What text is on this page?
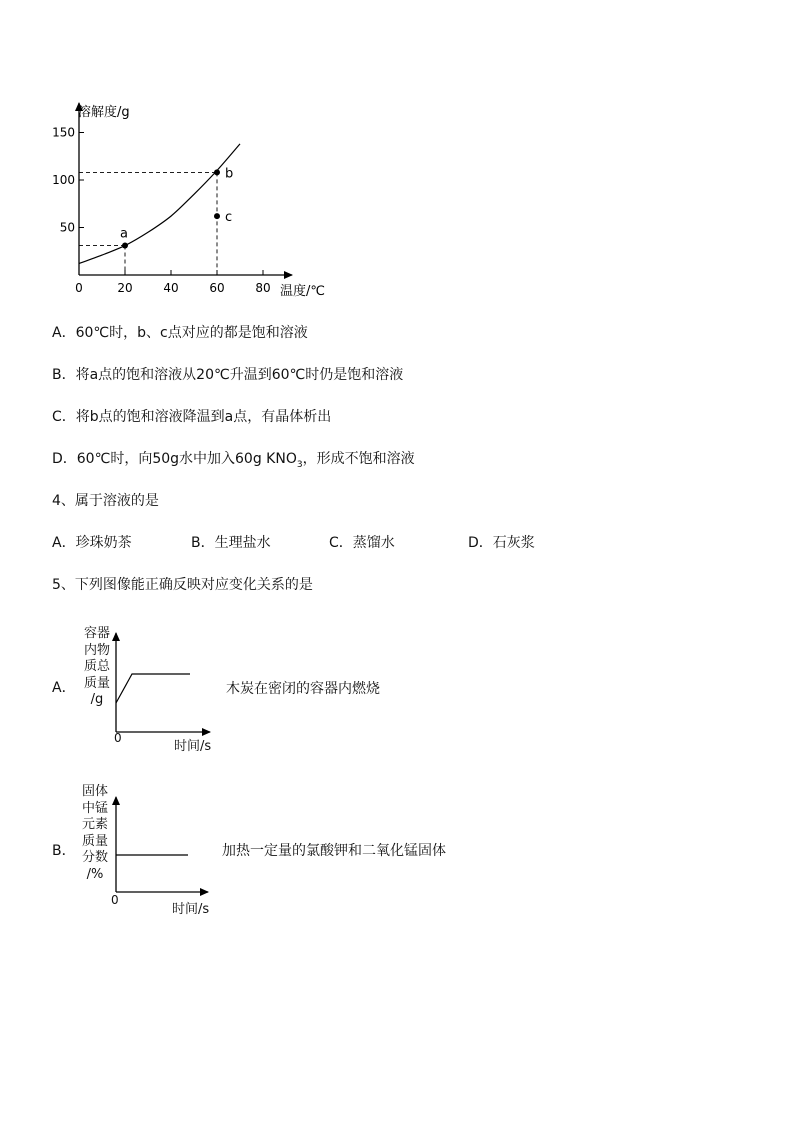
溶解度/g
温度/℃
0	20	40	60	80
50
100
150
a
b
c
A．60℃时，b、c点对应的都是饱和溶液
B．将a点的饱和溶液从20℃升温到60℃时仍是饱和溶液
C．将b点的饱和溶液降温到a点，有晶体析出
D．60℃时，向50g水中加入60g $KNO_3$，形成不饱和溶液
4、属于溶液的是
A．珍珠奶茶	B．生理盐水	C．蒸馏水	D．石灰浆
5、下列图像能正确反映对应变化关系的是
A．
容器
内物
质总
质量
/g
0
时间/s
木炭在密闭的容器内燃烧
B．
固体
中锰
元素
质量
分数
/%
0
时间/s
加热一定量的氯酸钾和二氧化锰固体
